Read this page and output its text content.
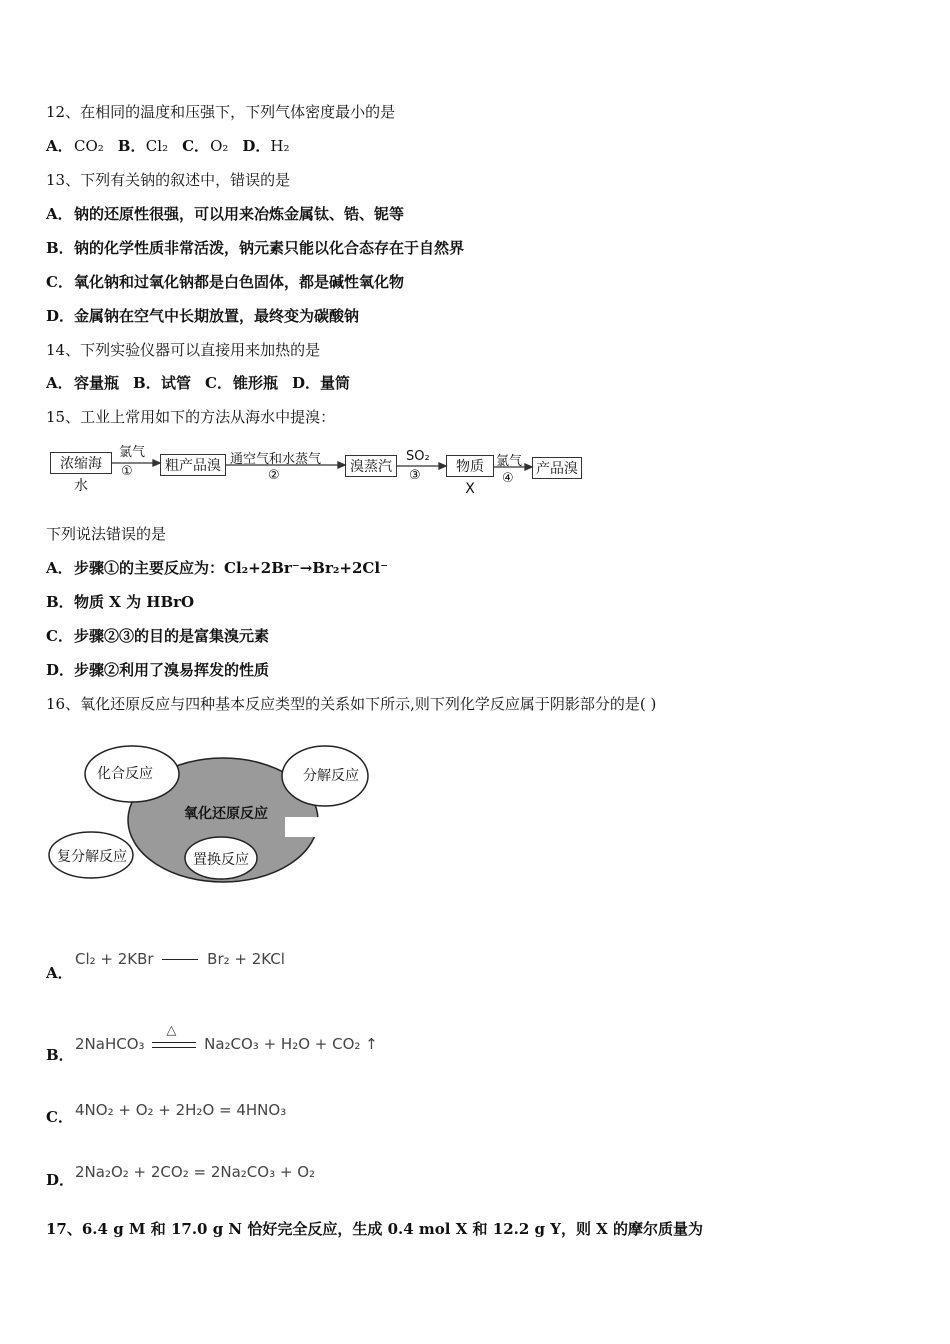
12、在相同的温度和压强下，下列气体密度最小的是
A．CO₂ B．Cl₂ C．O₂ D．H₂
13、下列有关钠的叙述中，错误的是
A．钠的还原性很强，可以用来冶炼金属钛、锆、铌等
B．钠的化学性质非常活泼，钠元素只能以化合态存在于自然界
C．氧化钠和过氧化钠都是白色固体，都是碱性氧化物
D．金属钠在空气中长期放置，最终变为碳酸钠
14、下列实验仪器可以直接用来加热的是
A．容量瓶 B．试管 C．锥形瓶 D．量筒
15、工业上常用如下的方法从海水中提溴：
浓缩海水
粗产品溴	溴蒸汽	物质 X
产品溴
氯气
①
通空气和水蒸气
②
SO₂
③
氯气
④
下列说法错误的是
A．步骤①的主要反应为：Cl₂+2Br⁻→Br₂+2Cl⁻
B．物质 X 为 HBrO
C．步骤②③的目的是富集溴元素
D．步骤②利用了溴易挥发的性质
16、氧化还原反应与四种基本反应类型的关系如下所示,则下列化学反应属于阴影部分的是( )
氧化还原反应
化合反应	分解反应
复分解反应	置换反应
A．
Cl₂ + 2KBr	Br₂ + 2KCl
B．
2NaHCO₃
△
Na₂CO₃ + H₂O + CO₂ ↑
C． 4NO₂ + O₂ + 2H₂O = 4HNO₃
D． 2Na₂O₂ + 2CO₂ = 2Na₂CO₃ + O₂
17、6.4 g M 和 17.0 g N 恰好完全反应，生成 0.4 mol X 和 12.2 g Y，则 X 的摩尔质量为
